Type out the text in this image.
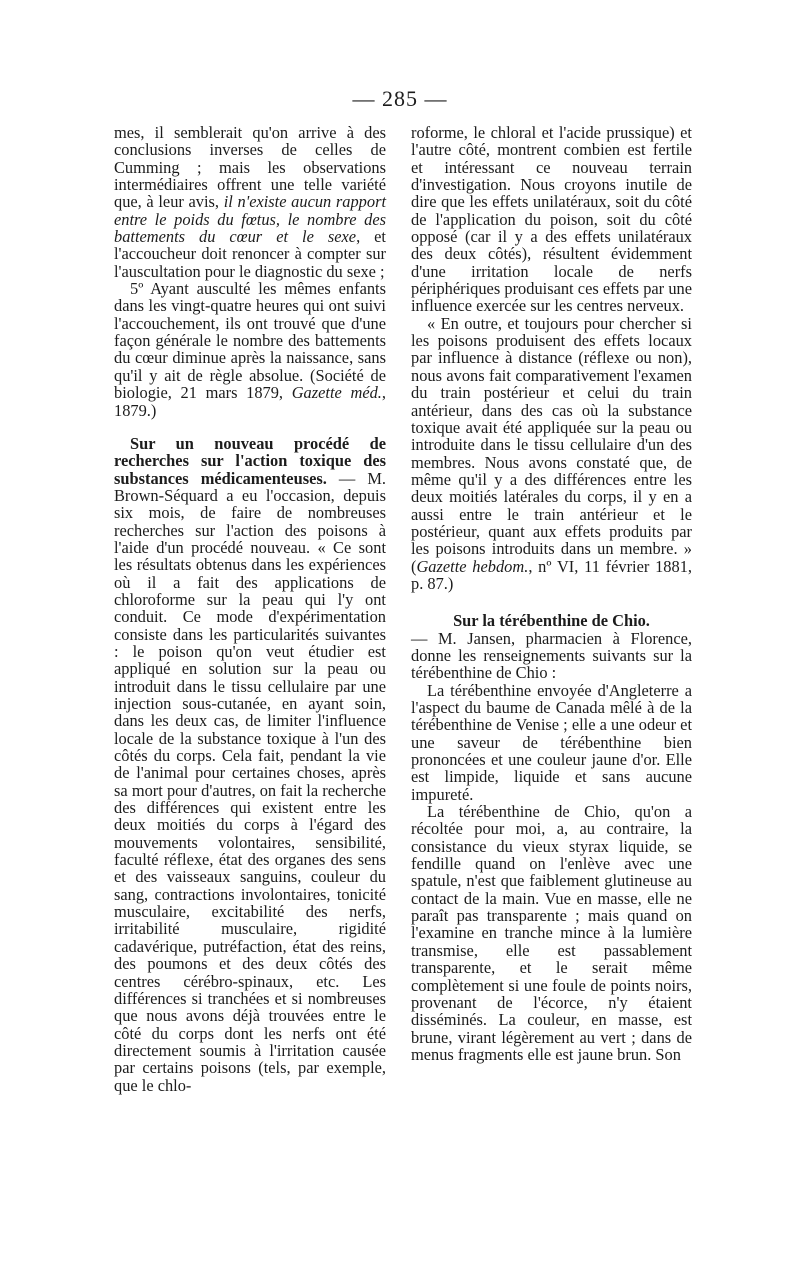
— 285 —

mes, il semblerait qu'on arrive à des conclusions inverses de celles de Cumming ; mais les observations intermédiaires offrent une telle variété que, à leur avis, il n'existe aucun rapport entre le poids du fœtus, le nombre des battements du cœur et le sexe, et l'accoucheur doit renoncer à compter sur l'auscultation pour le diagnostic du sexe ;

5º Ayant ausculté les mêmes enfants dans les vingt-quatre heures qui ont suivi l'accouchement, ils ont trouvé que d'une façon générale le nombre des battements du cœur diminue après la naissance, sans qu'il y ait de règle absolue. (Société de biologie, 21 mars 1879, Gazette méd., 1879.)

Sur un nouveau procédé de recherches sur l'action toxique des substances médicamenteuses. — M. Brown-Séquard a eu l'occasion, depuis six mois, de faire de nombreuses recherches sur l'action des poisons à l'aide d'un procédé nouveau. « Ce sont les résultats obtenus dans les expériences où il a fait des applications de chloroforme sur la peau qui l'y ont conduit. Ce mode d'expérimentation consiste dans les particularités suivantes : le poison qu'on veut étudier est appliqué en solution sur la peau ou introduit dans le tissu cellulaire par une injection sous-cutanée, en ayant soin, dans les deux cas, de limiter l'influence locale de la substance toxique à l'un des côtés du corps. Cela fait, pendant la vie de l'animal pour certaines choses, après sa mort pour d'autres, on fait la recherche des différences qui existent entre les deux moitiés du corps à l'égard des mouvements volontaires, sensibilité, faculté réflexe, état des organes des sens et des vaisseaux sanguins, couleur du sang, contractions involontaires, tonicité musculaire, excitabilité des nerfs, irritabilité musculaire, rigidité cadavérique, putréfaction, état des reins, des poumons et des deux côtés des centres cérébro-spinaux, etc. Les différences si tranchées et si nombreuses que nous avons déjà trouvées entre le côté du corps dont les nerfs ont été directement soumis à l'irritation causée par certains poisons (tels, par exemple, que le chlo-

roforme, le chloral et l'acide prussique) et l'autre côté, montrent combien est fertile et intéressant ce nouveau terrain d'investigation. Nous croyons inutile de dire que les effets unilatéraux, soit du côté de l'application du poison, soit du côté opposé (car il y a des effets unilatéraux des deux côtés), résultent évidemment d'une irritation locale de nerfs périphériques produisant ces effets par une influence exercée sur les centres nerveux.

« En outre, et toujours pour chercher si les poisons produisent des effets locaux par influence à distance (réflexe ou non), nous avons fait comparativement l'examen du train postérieur et celui du train antérieur, dans des cas où la substance toxique avait été appliquée sur la peau ou introduite dans le tissu cellulaire d'un des membres. Nous avons constaté que, de même qu'il y a des différences entre les deux moitiés latérales du corps, il y en a aussi entre le train antérieur et le postérieur, quant aux effets produits par les poisons introduits dans un membre. » (Gazette hebdom., nº VI, 11 février 1881, p. 87.)

Sur la térébenthine de Chio.

— M. Jansen, pharmacien à Florence, donne les renseignements suivants sur la térébenthine de Chio :

La térébenthine envoyée d'Angleterre a l'aspect du baume de Canada mêlé à de la térébenthine de Venise ; elle a une odeur et une saveur de térébenthine bien prononcées et une couleur jaune d'or. Elle est limpide, liquide et sans aucune impureté.

La térébenthine de Chio, qu'on a récoltée pour moi, a, au contraire, la consistance du vieux styrax liquide, se fendille quand on l'enlève avec une spatule, n'est que faiblement glutineuse au contact de la main. Vue en masse, elle ne paraît pas transparente ; mais quand on l'examine en tranche mince à la lumière transmise, elle est passablement transparente, et le serait même complètement si une foule de points noirs, provenant de l'écorce, n'y étaient disséminés. La couleur, en masse, est brune, virant légèrement au vert ; dans de menus fragments elle est jaune brun. Son
